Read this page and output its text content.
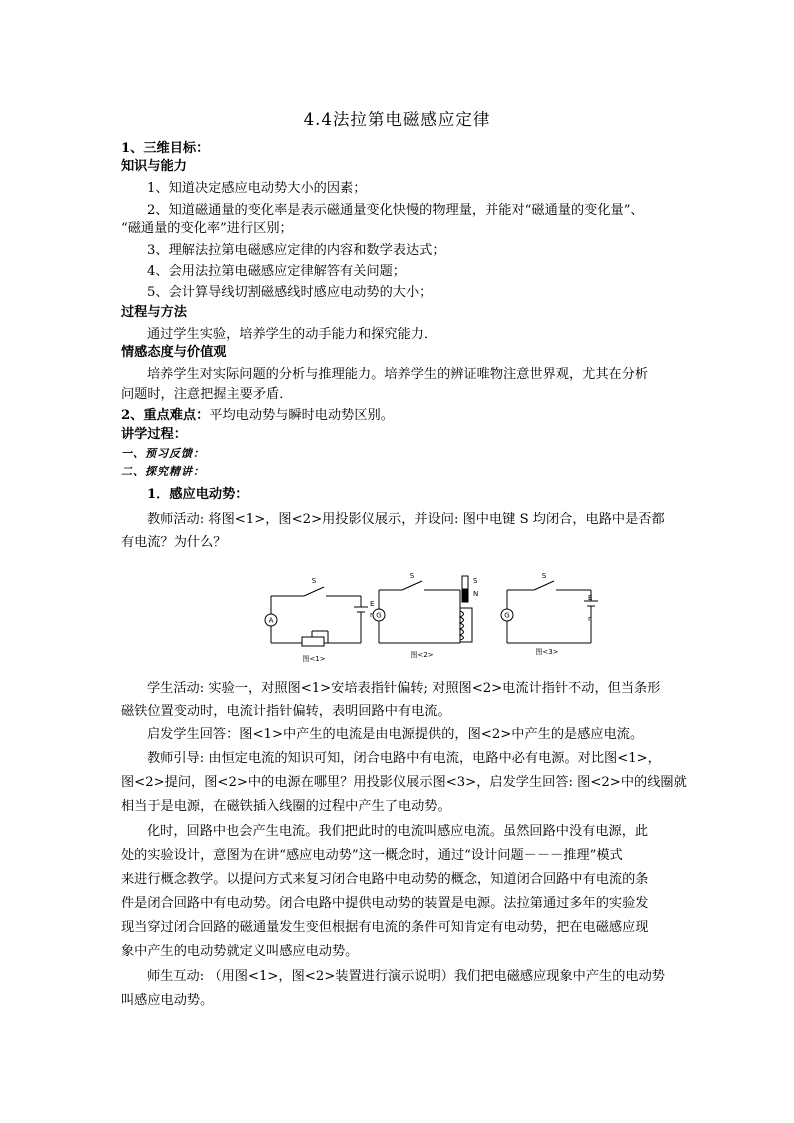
4.4法拉第电磁感应定律
1、三维目标：
知识与能力
1、知道决定感应电动势大小的因素；
2、知道磁通量的变化率是表示磁通量变化快慢的物理量，并能对“磁通量的变化量”、
“磁通量的变化率”进行区别；
3、理解法拉第电磁感应定律的内容和数学表达式；
4、会用法拉第电磁感应定律解答有关问题；
5、会计算导线切割磁感线时感应电动势的大小；
过程与方法
通过学生实验，培养学生的动手能力和探究能力．
情感态度与价值观
培养学生对实际问题的分析与推理能力。培养学生的辨证唯物注意世界观，尤其在分析
问题时，注意把握主要矛盾．
2、重点难点：平均电动势与瞬时电动势区别。
讲学过程：
一、预习反馈：
二、探究精讲：
1．感应电动势：
教师活动: 将图<1>，图<2>用投影仪展示，并设问: 图中电键 S 均闭合，电路中是否都
有电流？为什么？
A
S
E
r G
S
S
N
G
S
E
r
图<1>	图<2>	图<3>
学生活动: 实验一，对照图<1>安培表指针偏转; 对照图<2>电流计指针不动，但当条形
磁铁位置变动时，电流计指针偏转，表明回路中有电流。
启发学生回答：图<1>中产生的电流是由电源提供的，图<2>中产生的是感应电流。
教师引导: 由恒定电流的知识可知，闭合电路中有电流，电路中必有电源。对比图<1>，
图<2>提问，图<2>中的电源在哪里？用投影仪展示图<3>，启发学生回答: 图<2>中的线圈就
相当于是电源，在磁铁插入线圈的过程中产生了电动势。
化时，回路中也会产生电流。我们把此时的电流叫感应电流。虽然回路中没有电源，此
处的实验设计，意图为在讲“感应电动势”这一概念时，通过“设计问题－－－推理”模式
来进行概念教学。以提问方式来复习闭合电路中电动势的概念，知道闭合回路中有电流的条
件是闭合回路中有电动势。闭合电路中提供电动势的装置是电源。法拉第通过多年的实验发
现当穿过闭合回路的磁通量发生变但根据有电流的条件可知肯定有电动势，把在电磁感应现
象中产生的电动势就定义叫感应电动势。
师生互动: （用图<1>，图<2>装置进行演示说明）我们把电磁感应现象中产生的电动势
叫感应电动势。
